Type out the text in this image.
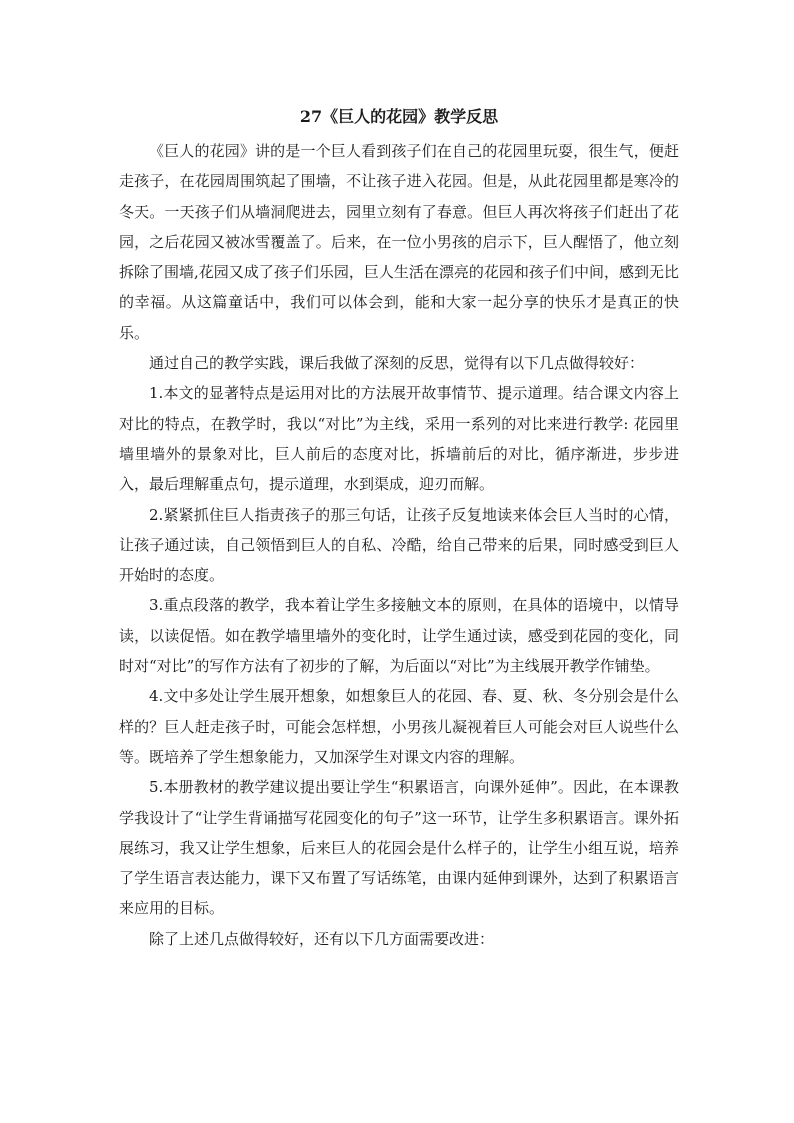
27《巨人的花园》教学反思

《巨人的花园》讲的是一个巨人看到孩子们在自己的花园里玩耍，很生气，便赶走孩子，在花园周围筑起了围墙，不让孩子进入花园。但是，从此花园里都是寒冷的冬天。一天孩子们从墙洞爬进去，园里立刻有了春意。但巨人再次将孩子们赶出了花园，之后花园又被冰雪覆盖了。后来，在一位小男孩的启示下，巨人醒悟了，他立刻拆除了围墙,花园又成了孩子们乐园，巨人生活在漂亮的花园和孩子们中间，感到无比的幸福。从这篇童话中，我们可以体会到，能和大家一起分享的快乐才是真正的快乐。

通过自己的教学实践，课后我做了深刻的反思，觉得有以下几点做得较好：

1.本文的显著特点是运用对比的方法展开故事情节、提示道理。结合课文内容上对比的特点，在教学时，我以“对比”为主线，采用一系列的对比来进行教学: 花园里墙里墙外的景象对比，巨人前后的态度对比，拆墙前后的对比，循序渐进，步步进入，最后理解重点句，提示道理，水到渠成，迎刃而解。

2.紧紧抓住巨人指责孩子的那三句话，让孩子反复地读来体会巨人当时的心情，让孩子通过读，自己领悟到巨人的自私、冷酷，给自己带来的后果，同时感受到巨人开始时的态度。

3.重点段落的教学，我本着让学生多接触文本的原则，在具体的语境中，以情导读，以读促悟。如在教学墙里墙外的变化时，让学生通过读，感受到花园的变化，同时对“对比”的写作方法有了初步的了解，为后面以“对比”为主线展开教学作铺垫。

4.文中多处让学生展开想象，如想象巨人的花园、春、夏、秋、冬分别会是什么样的？巨人赶走孩子时，可能会怎样想，小男孩儿凝视着巨人可能会对巨人说些什么等。既培养了学生想象能力，又加深学生对课文内容的理解。

5.本册教材的教学建议提出要让学生“积累语言，向课外延伸”。因此，在本课教学我设计了“让学生背诵描写花园变化的句子”这一环节，让学生多积累语言。课外拓展练习，我又让学生想象，后来巨人的花园会是什么样子的，让学生小组互说，培养了学生语言表达能力，课下又布置了写话练笔，由课内延伸到课外，达到了积累语言来应用的目标。

除了上述几点做得较好，还有以下几方面需要改进：
